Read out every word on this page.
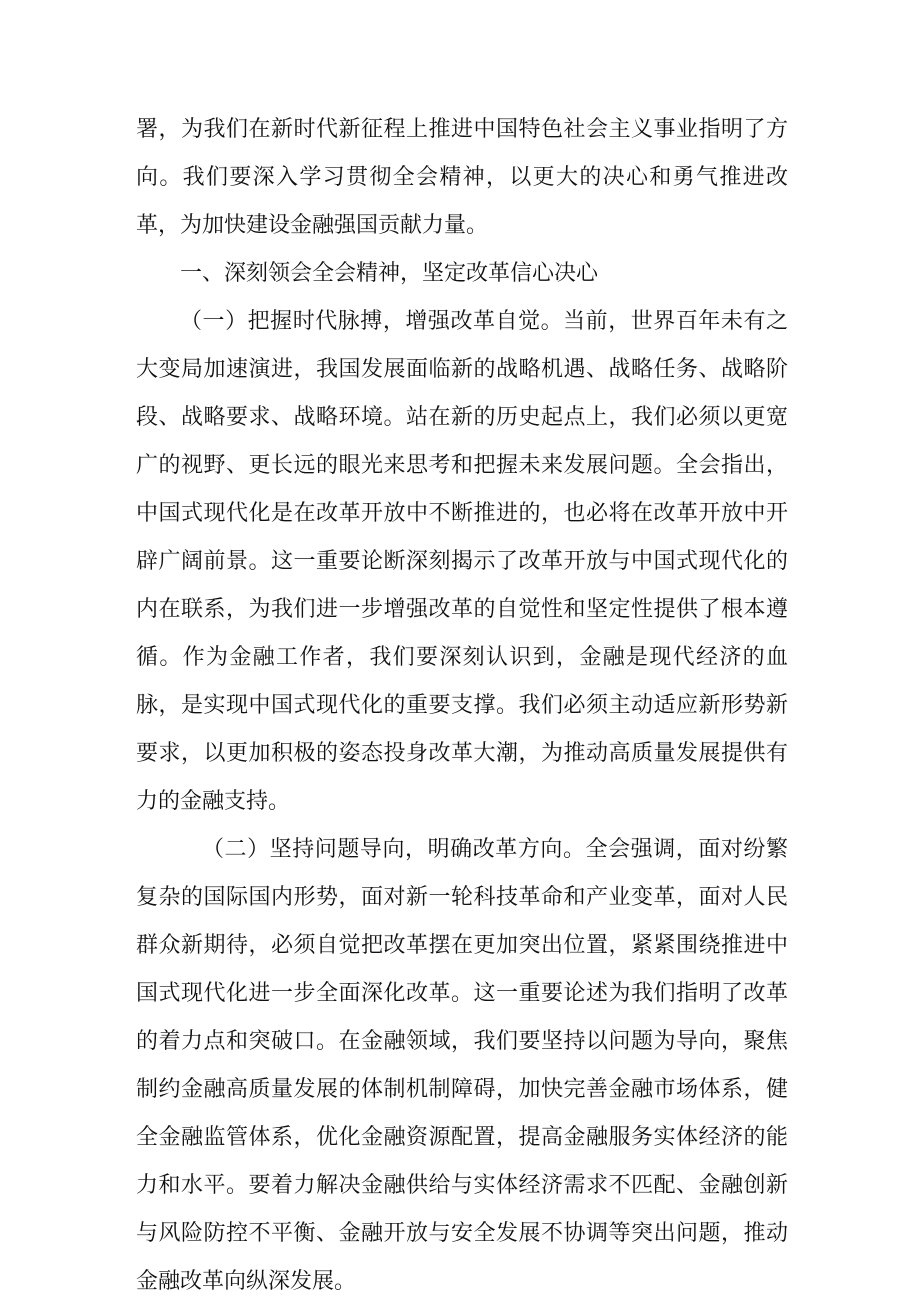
署，为我们在新时代新征程上推进中国特色社会主义事业指明了方向。我们要深入学习贯彻全会精神，以更大的决心和勇气推进改革，为加快建设金融强国贡献力量。

一、深刻领会全会精神，坚定改革信心决心

（一）把握时代脉搏，增强改革自觉。当前，世界百年未有之大变局加速演进，我国发展面临新的战略机遇、战略任务、战略阶段、战略要求、战略环境。站在新的历史起点上，我们必须以更宽广的视野、更长远的眼光来思考和把握未来发展问题。全会指出，中国式现代化是在改革开放中不断推进的，也必将在改革开放中开辟广阔前景。这一重要论断深刻揭示了改革开放与中国式现代化的内在联系，为我们进一步增强改革的自觉性和坚定性提供了根本遵循。作为金融工作者，我们要深刻认识到，金融是现代经济的血脉，是实现中国式现代化的重要支撑。我们必须主动适应新形势新要求，以更加积极的姿态投身改革大潮，为推动高质量发展提供有力的金融支持。

（二）坚持问题导向，明确改革方向。全会强调，面对纷繁复杂的国际国内形势，面对新一轮科技革命和产业变革，面对人民群众新期待，必须自觉把改革摆在更加突出位置，紧紧围绕推进中国式现代化进一步全面深化改革。这一重要论述为我们指明了改革的着力点和突破口。在金融领域，我们要坚持以问题为导向，聚焦制约金融高质量发展的体制机制障碍，加快完善金融市场体系，健全金融监管体系，优化金融资源配置，提高金融服务实体经济的能力和水平。要着力解决金融供给与实体经济需求不匹配、金融创新与风险防控不平衡、金融开放与安全发展不协调等突出问题，推动金融改革向纵深发展。
